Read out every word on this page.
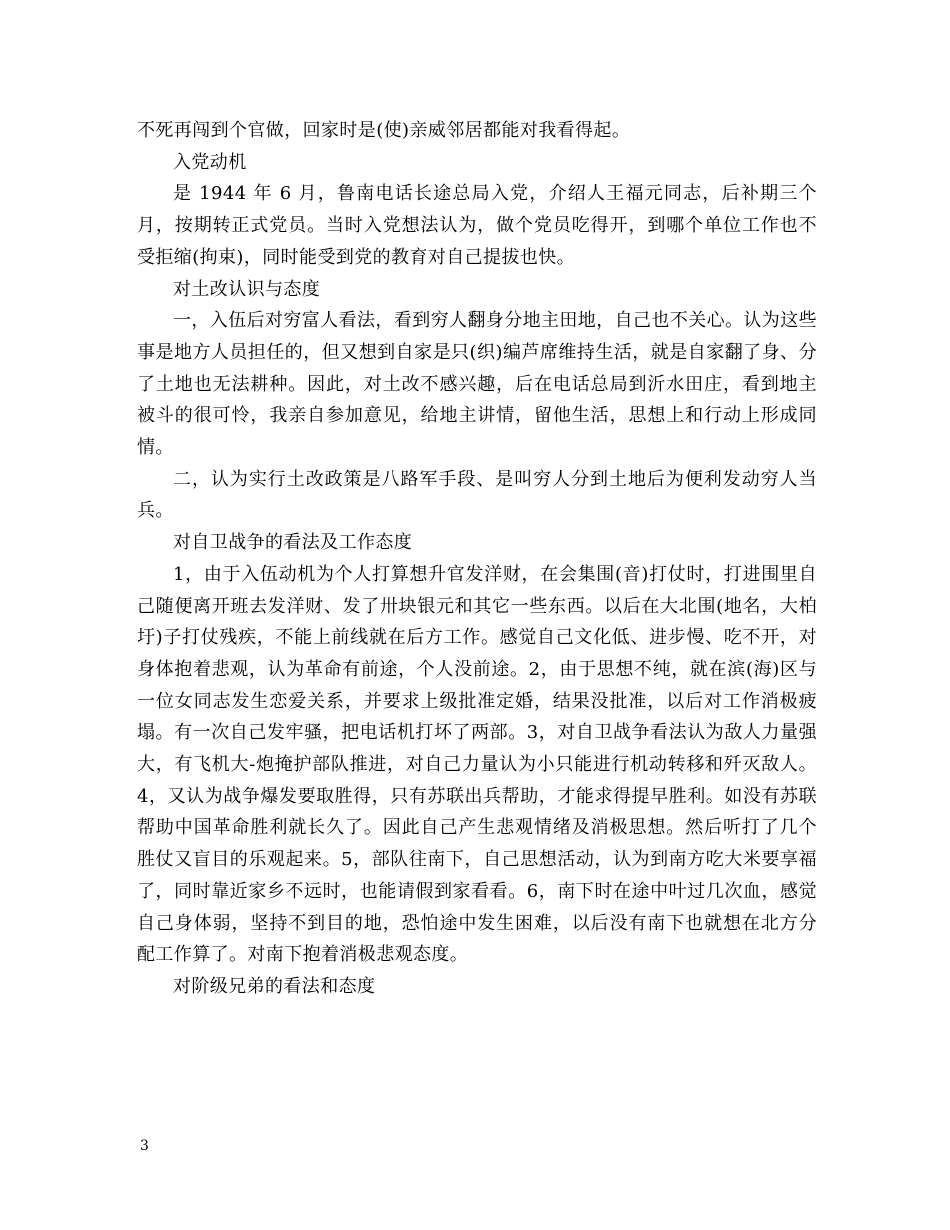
不死再闯到个官做，回家时是(使)亲威邻居都能对我看得起。

入党动机

是 1944 年 6 月，鲁南电话长途总局入党，介绍人王福元同志，后补期三个月，按期转正式党员。当时入党想法认为，做个党员吃得开，到哪个单位工作也不受拒缩(拘束)，同时能受到党的教育对自己提拔也快。

对土改认识与态度

一，入伍后对穷富人看法，看到穷人翻身分地主田地，自己也不关心。认为这些事是地方人员担任的，但又想到自家是只(织)编芦席维持生活，就是自家翻了身、分了土地也无法耕种。因此，对土改不感兴趣，后在电话总局到沂水田庄，看到地主被斗的很可怜，我亲自参加意见，给地主讲情，留他生活，思想上和行动上形成同情。

二，认为实行土改政策是八路军手段、是叫穷人分到土地后为便利发动穷人当兵。

对自卫战争的看法及工作态度

1，由于入伍动机为个人打算想升官发洋财，在会集围(音)打仗时，打进围里自己随便离开班去发洋财、发了卅块银元和其它一些东西。以后在大北围(地名，大柏圩)子打仗残疾，不能上前线就在后方工作。感觉自己文化低、进步慢、吃不开，对身体抱着悲观，认为革命有前途，个人没前途。2，由于思想不纯，就在滨(海)区与一位女同志发生恋爱关系，并要求上级批准定婚，结果没批准，以后对工作消极疲塌。有一次自己发牢骚，把电话机打坏了两部。3，对自卫战争看法认为敌人力量强大，有飞机大-炮掩护部队推进，对自己力量认为小只能进行机动转移和歼灭敌人。4，又认为战争爆发要取胜得，只有苏联出兵帮助，才能求得提早胜利。如没有苏联帮助中国革命胜利就长久了。因此自己产生悲观情绪及消极思想。然后听打了几个胜仗又盲目的乐观起来。5，部队往南下，自己思想活动，认为到南方吃大米要享福了，同时靠近家乡不远时，也能请假到家看看。6，南下时在途中叶过几次血，感觉自己身体弱，坚持不到目的地，恐怕途中发生困难，以后没有南下也就想在北方分配工作算了。对南下抱着消极悲观态度。

对阶级兄弟的看法和态度

3
